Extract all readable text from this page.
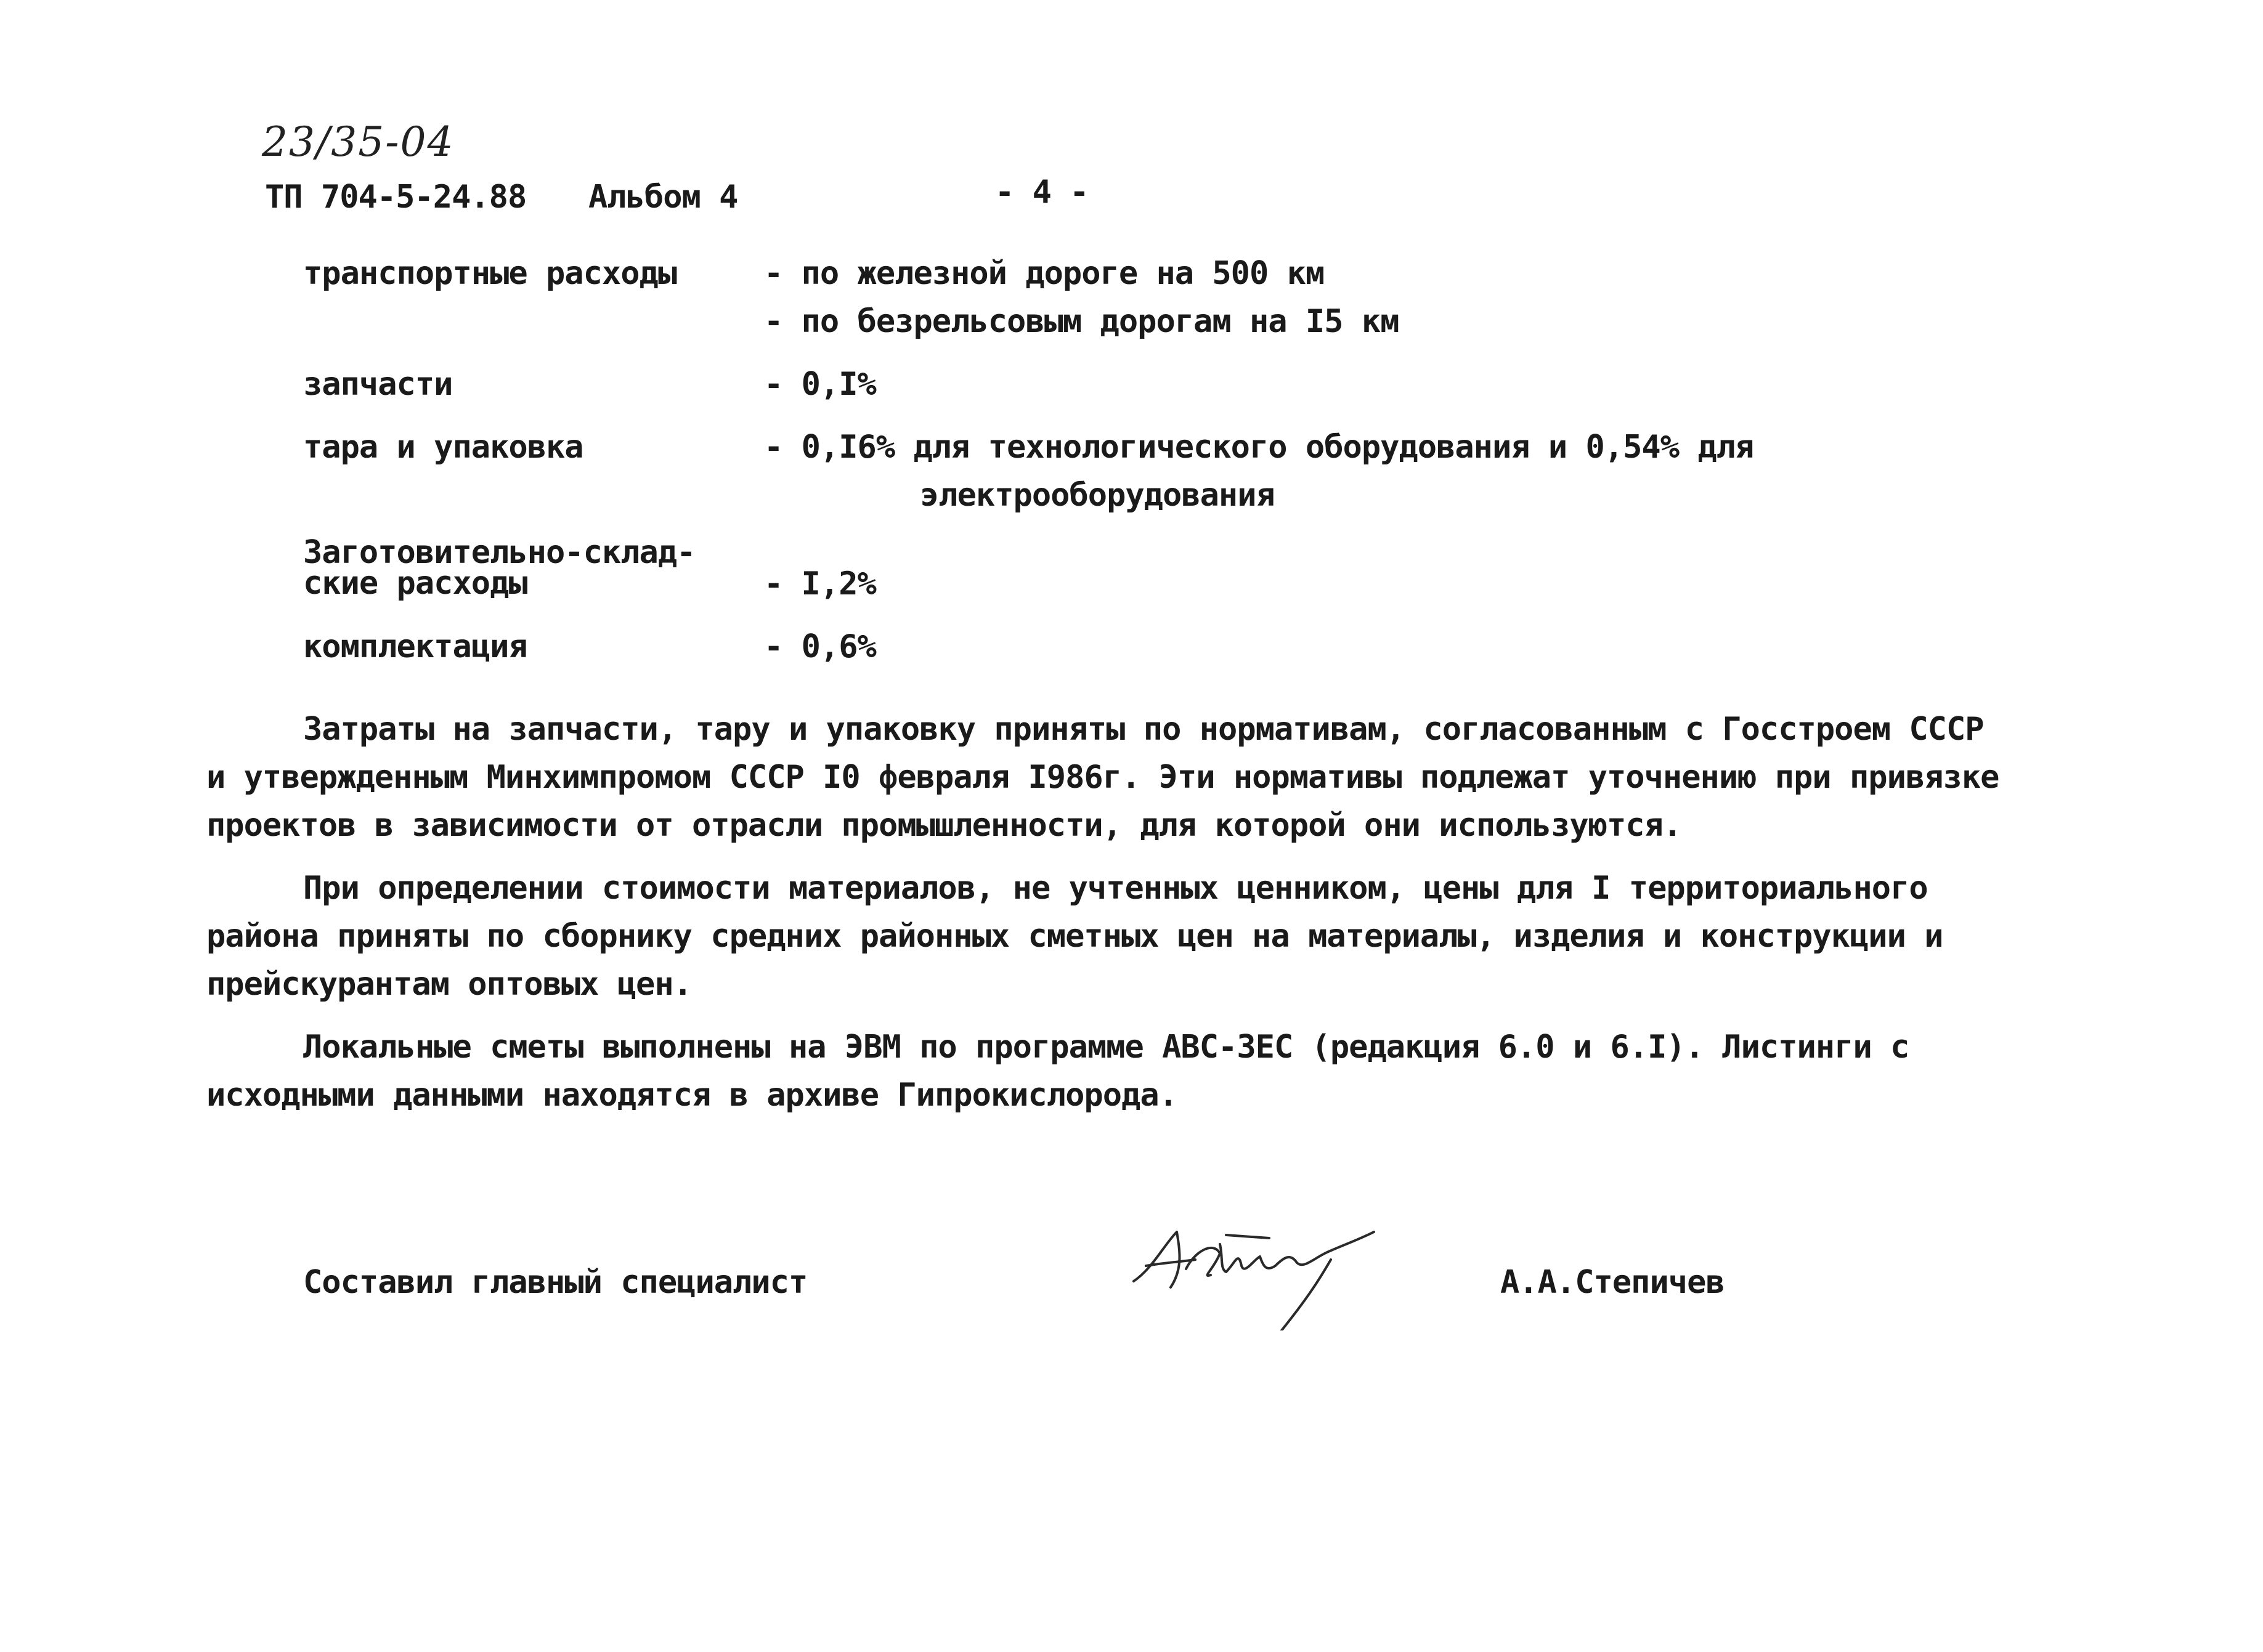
23/35-04
ТП 704-5-24.88 Альбом 4	- 4 -
транспортные расходы	- по железной дороге на 500 км
- по безрельсовым дорогам на I5 км
запчасти	- 0,I%
тара и упаковка	- 0,I6% для технологического оборудования и 0,54% для
электрооборудования
Заготовительно-склад-
ские расходы	- I,2%
комплектация	- 0,6%
Затраты на запчасти, тару и упаковку приняты по нормативам, согласованным с Госстроем СССР
и утвержденным Минхимпромом СССР I0 февраля I986г. Эти нормативы подлежат уточнению при привязке
проектов в зависимости от отрасли промышленности, для которой они используются.
При определении стоимости материалов, не учтенных ценником, цены для I территориального
района приняты по сборнику средних районных сметных цен на материалы, изделия и конструкции и
прейскурантам оптовых цен.
Локальные сметы выполнены на ЭВМ по программе АВС-ЗЕС (редакция 6.0 и 6.I). Листинги с
исходными данными находятся в архиве Гипрокислорода.
Составил главный специалист	А.А.Степичев
